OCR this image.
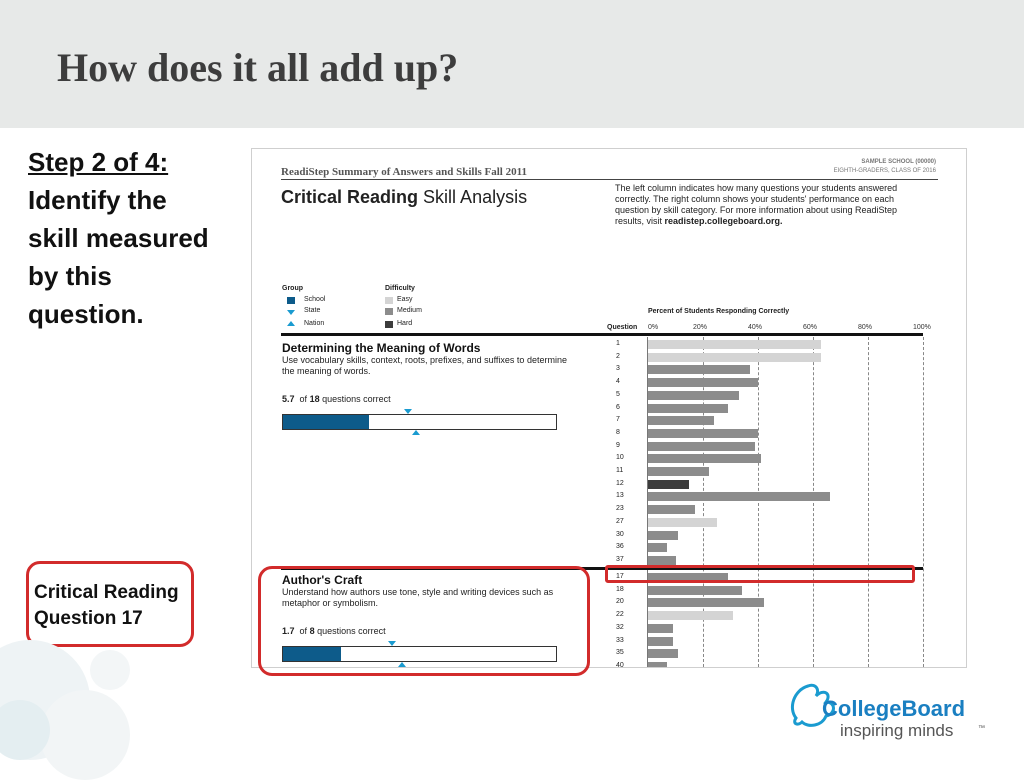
How does it all add up?
Step 2 of 4:
Identify the
skill measured
by this
question.
Critical Reading
Question 17
ReadiStep Summary of Answers and Skills Fall 2011
SAMPLE SCHOOL (00000)
EIGHTH-GRADERS, CLASS OF 2016
Critical Reading Skill Analysis	The left column indicates how many questions your students answered correctly. The right column shows your students' performance on each question by skill category. For more information about using ReadiStep results, visit readistep.collegeboard.org.
Group
School
State
Nation
Difficulty
Easy
Medium
Hard
Percent of Students Responding Correctly
Question 0%	20%	40%	60%	80%	100%
1
2
3
4
5
6
7
8
9
10
11
12
13
23
27
30
36
37
17
18
20
22
32
33
35
40
Determining the Meaning of Words
Use vocabulary skills, context, roots, prefixes, and suffixes to determine the meaning of words.
5.7 of 18 questions correct
Author's Craft
Understand how authors use tone, style and writing devices such as metaphor or symbolism.
1.7 of 8 questions correct
CollegeBoard
inspiring minds	™
